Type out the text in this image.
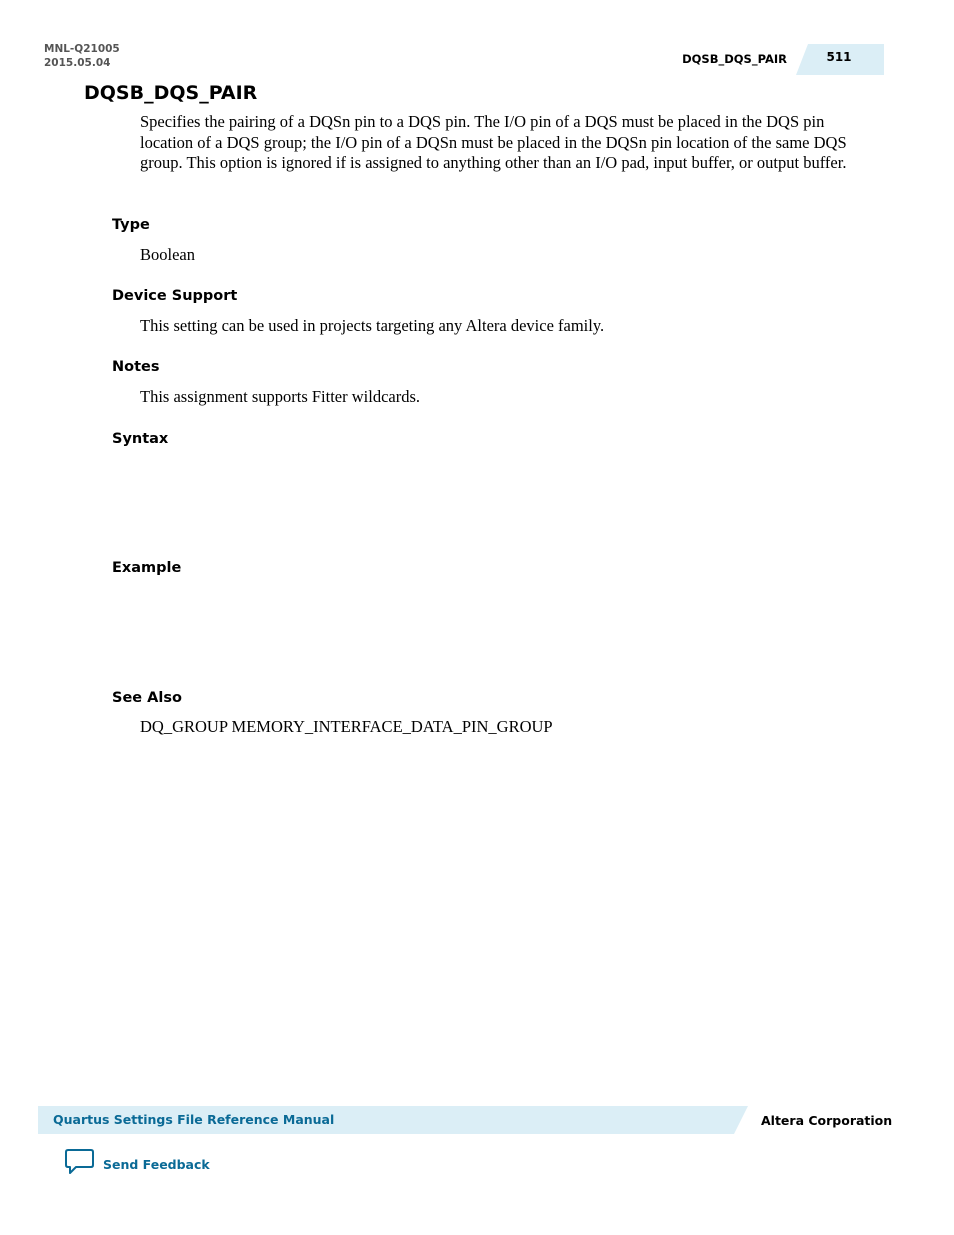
MNL-Q21005
2015.05.04	DQSB_DQS_PAIR	511
DQSB_DQS_PAIR

Specifies the pairing of a DQSn pin to a DQS pin. The I/O pin of a DQS must be placed in the DQS pin location of a DQS group; the I/O pin of a DQSn must be placed in the DQSn pin location of the same DQS group. This option is ignored if is assigned to anything other than an I/O pad, input buffer, or output buffer.

Type

Boolean

Device Support

This setting can be used in projects targeting any Altera device family.

Notes

This assignment supports Fitter wildcards.

Syntax
Example
See Also

DQ_GROUP MEMORY_INTERFACE_DATA_PIN_GROUP

Quartus Settings File Reference Manual	Altera Corporation
Send Feedback
